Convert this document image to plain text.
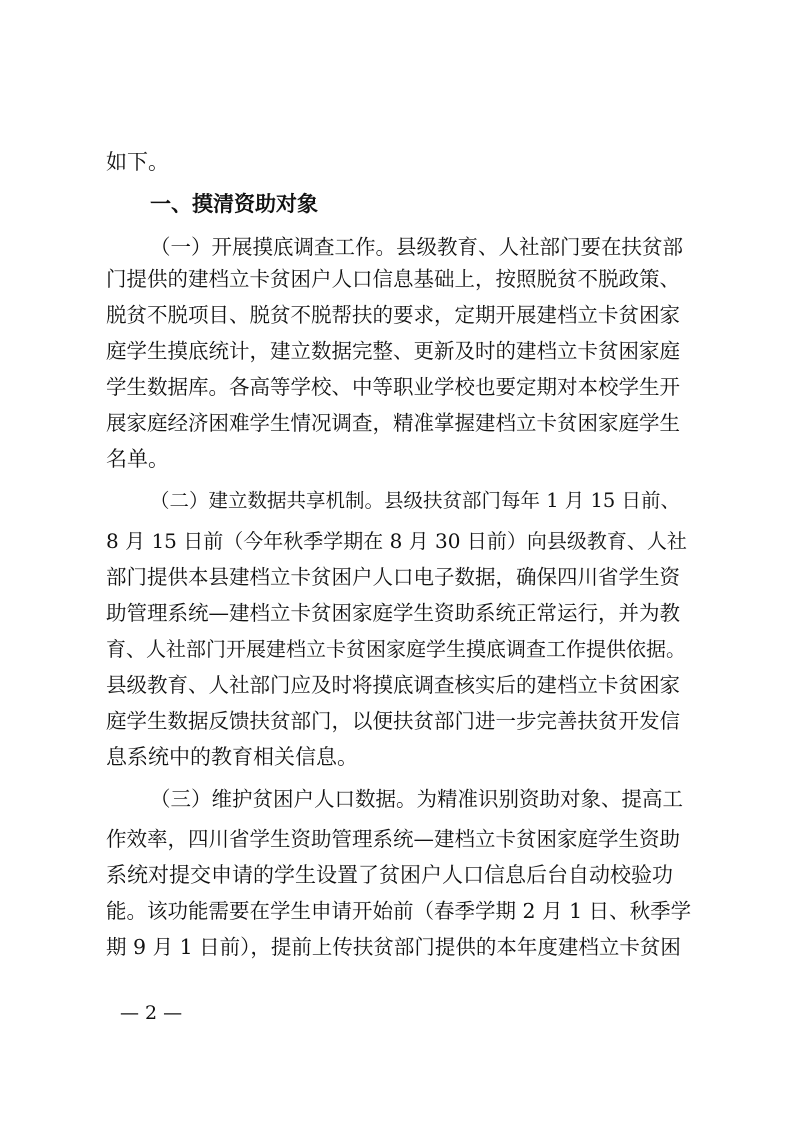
如下。
一、摸清资助对象
（一）开展摸底调查工作。县级教育、人社部门要在扶贫部
门提供的建档立卡贫困户人口信息基础上，按照脱贫不脱政策、
脱贫不脱项目、脱贫不脱帮扶的要求，定期开展建档立卡贫困家
庭学生摸底统计，建立数据完整、更新及时的建档立卡贫困家庭
学生数据库。各高等学校、中等职业学校也要定期对本校学生开
展家庭经济困难学生情况调查，精准掌握建档立卡贫困家庭学生
名单。
（二）建立数据共享机制。县级扶贫部门每年 1 月 15 日前、
8 月 15 日前（今年秋季学期在 8 月 30 日前）向县级教育、人社
部门提供本县建档立卡贫困户人口电子数据，确保四川省学生资
助管理系统—建档立卡贫困家庭学生资助系统正常运行，并为教
育、人社部门开展建档立卡贫困家庭学生摸底调查工作提供依据。
县级教育、人社部门应及时将摸底调查核实后的建档立卡贫困家
庭学生数据反馈扶贫部门，以便扶贫部门进一步完善扶贫开发信
息系统中的教育相关信息。
（三）维护贫困户人口数据。为精准识别资助对象、提高工
作效率，四川省学生资助管理系统—建档立卡贫困家庭学生资助
系统对提交申请的学生设置了贫困户人口信息后台自动校验功
能。该功能需要在学生申请开始前（春季学期 2 月 1 日、秋季学
期 9 月 1 日前），提前上传扶贫部门提供的本年度建档立卡贫困
— 2 —
